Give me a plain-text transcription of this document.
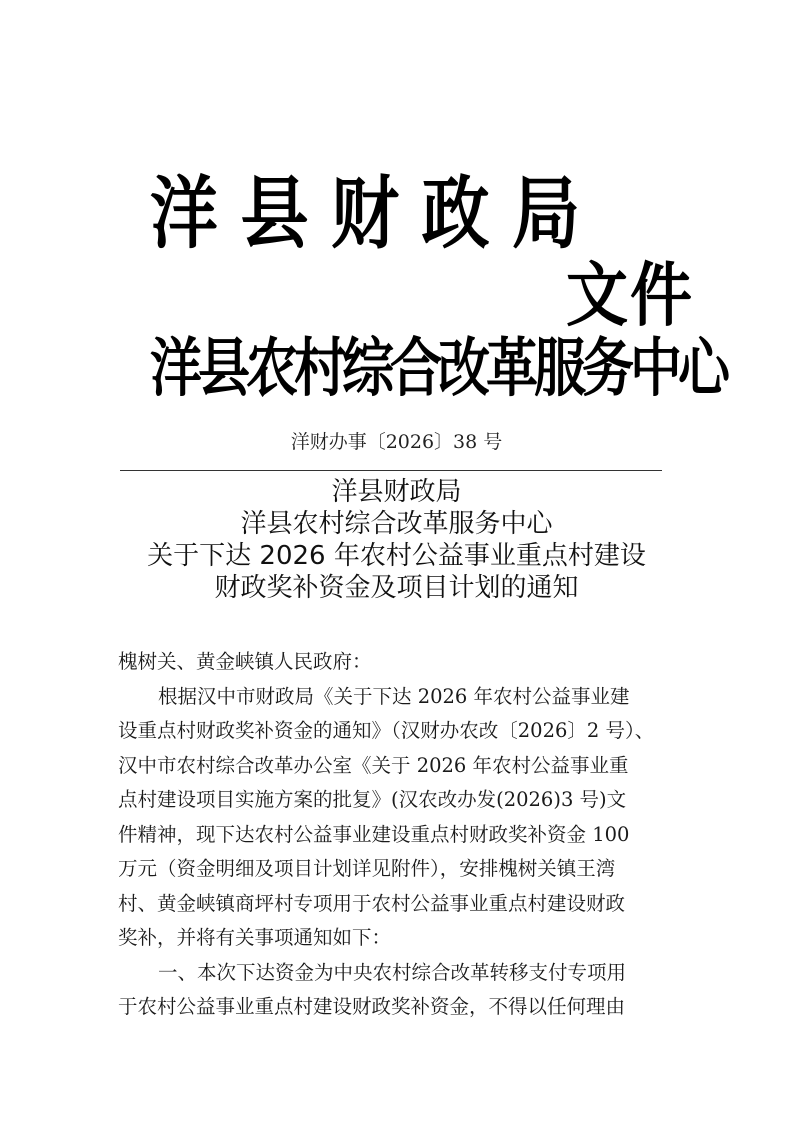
洋 县 财 政 局
文件
洋县农村综合改革服务中心
洋财办事〔2026〕38 号
洋县财政局
洋县农村综合改革服务中心
关于下达 2026 年农村公益事业重点村建设
财政奖补资金及项目计划的通知
槐树关、黄金峡镇人民政府：
根据汉中市财政局《关于下达 2026 年农村公益事业建
设重点村财政奖补资金的通知》（汉财办农改〔2026〕2 号）、
汉中市农村综合改革办公室《关于 2026 年农村公益事业重
点村建设项目实施方案的批复》(汉农改办发(2026)3 号)文
件精神，现下达农村公益事业建设重点村财政奖补资金 100
万元（资金明细及项目计划详见附件），安排槐树关镇王湾
村、黄金峡镇商坪村专项用于农村公益事业重点村建设财政
奖补，并将有关事项通知如下：
一、本次下达资金为中央农村综合改革转移支付专项用
于农村公益事业重点村建设财政奖补资金，不得以任何理由
